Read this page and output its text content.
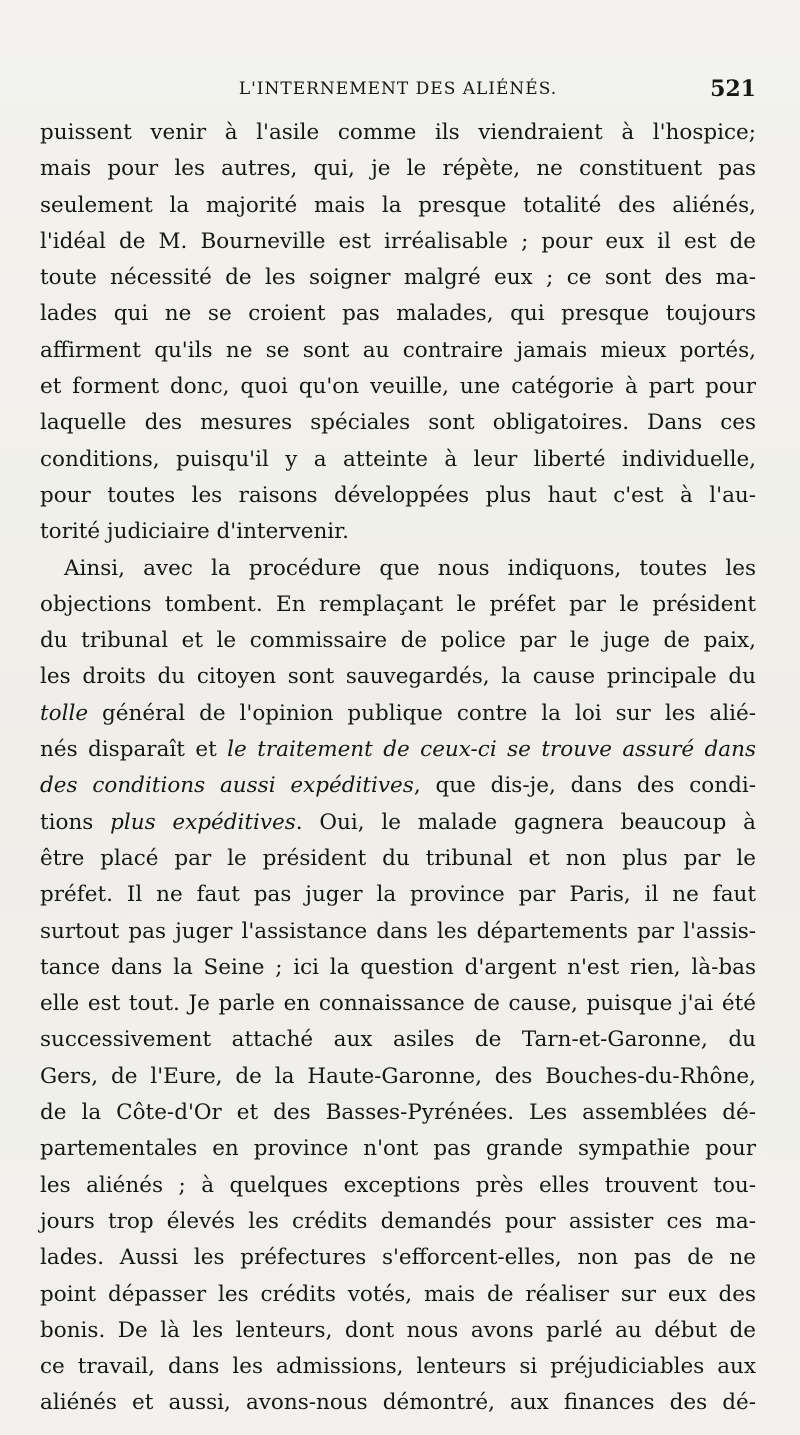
L'INTERNEMENT DES ALIÉNÉS.	521
puissent venir à l'asile comme ils viendraient à l'hospice;
mais pour les autres, qui, je le répète, ne constituent pas
seulement la majorité mais la presque totalité des aliénés,
l'idéal de M. Bourneville est irréalisable ; pour eux il est de
toute nécessité de les soigner malgré eux ; ce sont des ma-
lades qui ne se croient pas malades, qui presque toujours
affirment qu'ils ne se sont au contraire jamais mieux portés,
et forment donc, quoi qu'on veuille, une catégorie à part pour
laquelle des mesures spéciales sont obligatoires. Dans ces
conditions, puisqu'il y a atteinte à leur liberté individuelle,
pour toutes les raisons développées plus haut c'est à l'au-
torité judiciaire d'intervenir.
Ainsi, avec la procédure que nous indiquons, toutes les
objections tombent. En remplaçant le préfet par le président
du tribunal et le commissaire de police par le juge de paix,
les droits du citoyen sont sauvegardés, la cause principale du
tolle général de l'opinion publique contre la loi sur les alié-
nés disparaît et le traitement de ceux-ci se trouve assuré dans
des conditions aussi expéditives, que dis-je, dans des condi-
tions plus expéditives. Oui, le malade gagnera beaucoup à
être placé par le président du tribunal et non plus par le
préfet. Il ne faut pas juger la province par Paris, il ne faut
surtout pas juger l'assistance dans les départements par l'assis-
tance dans la Seine ; ici la question d'argent n'est rien, là-bas
elle est tout. Je parle en connaissance de cause, puisque j'ai été
successivement attaché aux asiles de Tarn-et-Garonne, du
Gers, de l'Eure, de la Haute-Garonne, des Bouches-du-Rhône,
de la Côte-d'Or et des Basses-Pyrénées. Les assemblées dé-
partementales en province n'ont pas grande sympathie pour
les aliénés ; à quelques exceptions près elles trouvent tou-
jours trop élevés les crédits demandés pour assister ces ma-
lades. Aussi les préfectures s'efforcent-elles, non pas de ne
point dépasser les crédits votés, mais de réaliser sur eux des
bonis. De là les lenteurs, dont nous avons parlé au début de
ce travail, dans les admissions, lenteurs si préjudiciables aux
aliénés et aussi, avons-nous démontré, aux finances des dé-
